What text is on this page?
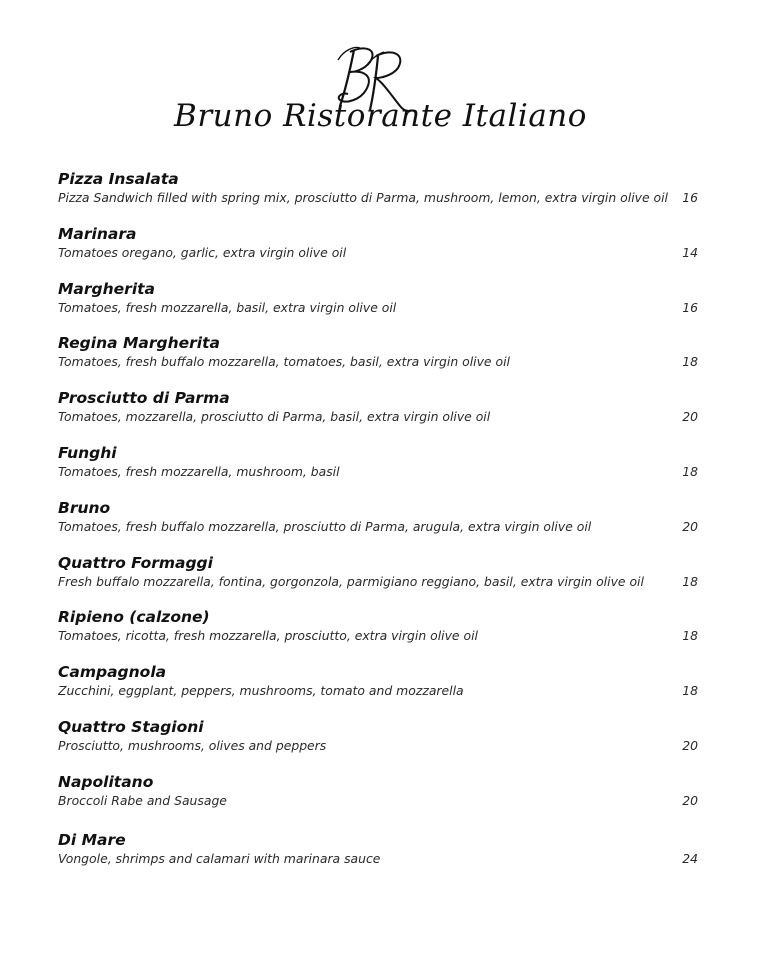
Bruno Ristorante Italiano
Pizza Insalata
Pizza Sandwich filled with spring mix, prosciutto di Parma, mushroom, lemon, extra virgin olive oil 16
Marinara
Tomatoes oregano, garlic, extra virgin olive oil	14
Margherita
Tomatoes, fresh mozzarella, basil, extra virgin olive oil	16
Regina Margherita
Tomatoes, fresh buffalo mozzarella, tomatoes, basil, extra virgin olive oil	18
Prosciutto di Parma
Tomatoes, mozzarella, prosciutto di Parma, basil, extra virgin olive oil	20
Funghi
Tomatoes, fresh mozzarella, mushroom, basil	18
Bruno
Tomatoes, fresh buffalo mozzarella, prosciutto di Parma, arugula, extra virgin olive oil	20
Quattro Formaggi
Fresh buffalo mozzarella, fontina, gorgonzola, parmigiano reggiano, basil, extra virgin olive oil	18
Ripieno (calzone)
Tomatoes, ricotta, fresh mozzarella, prosciutto, extra virgin olive oil	18
Campagnola
Zucchini, eggplant, peppers, mushrooms, tomato and mozzarella	18
Quattro Stagioni
Prosciutto, mushrooms, olives and peppers	20
Napolitano
Broccoli Rabe and Sausage	20
Di Mare
Vongole, shrimps and calamari with marinara sauce	24
